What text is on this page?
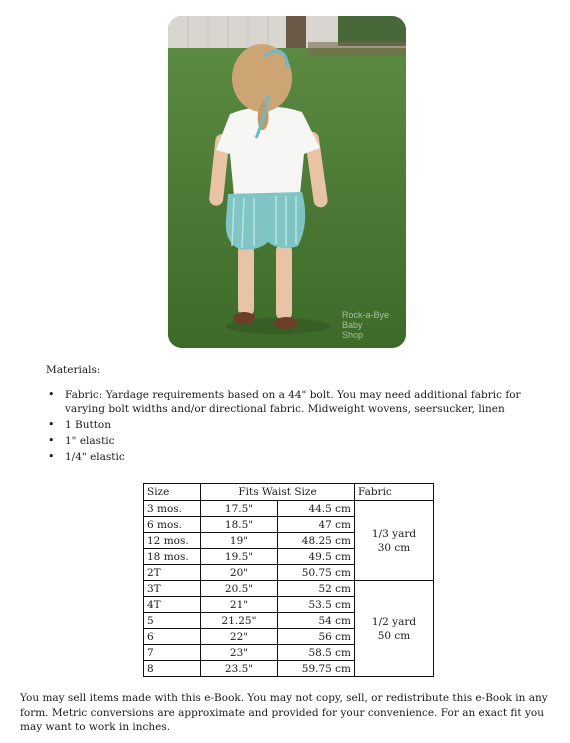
Rock-a-Bye
Baby
Shop
Materials:
• Fabric: Yardage requirements based on a 44" bolt. You may need additional fabric for varying bolt widths and/or directional fabric. Midweight wovens, seersucker, linen
• 1 Button
• 1" elastic
• 1/4" elastic
Size	Fits Waist Size		Fabric
3 mos.	17.5"	44.5 cm	1/3 yard
30 cm

6 mos.	18.5"	47 cm	
12 mos.	19"	48.25 cm	
18 mos.	19.5"	49.5 cm	
2T	20"	50.75 cm	
3T	20.5"	52 cm	1/2 yard
50 cm

4T	21"	53.5 cm	
5	21.25"	54 cm	
6	22"	56 cm	
7	23"	58.5 cm	
8	23.5"	59.75 cm	
You may sell items made with this e-Book. You may not copy, sell, or redistribute this e-Book in any form. Metric conversions are approximate and provided for your convenience. For an exact fit you may want to work in inches.
